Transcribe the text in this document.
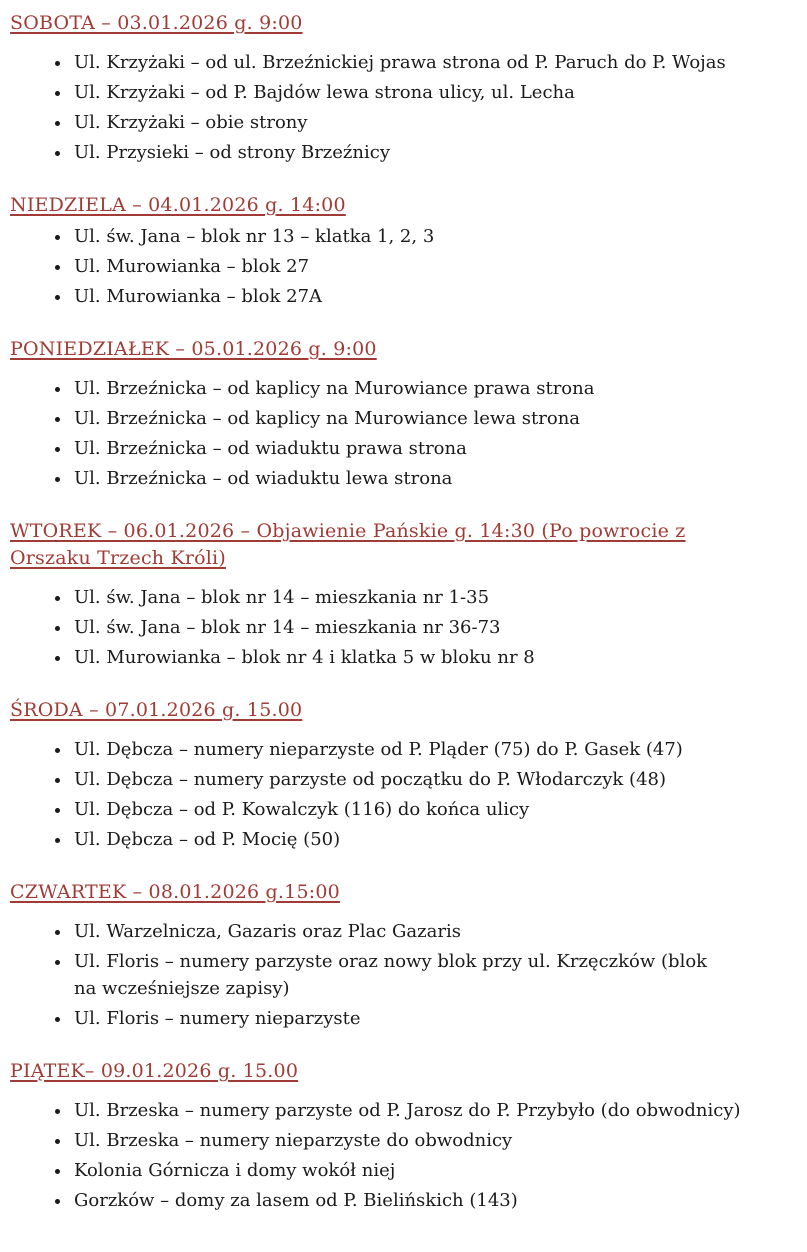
SOBOTA – 03.01.2026 g. 9:00
• Ul. Krzyżaki – od ul. Brzeźnickiej prawa strona od P. Paruch do P. Wojas
• Ul. Krzyżaki – od P. Bajdów lewa strona ulicy, ul. Lecha
• Ul. Krzyżaki – obie strony
• Ul. Przysieki – od strony Brzeźnicy
NIEDZIELA – 04.01.2026 g. 14:00
• Ul. św. Jana – blok nr 13 – klatka 1, 2, 3
• Ul. Murowianka – blok 27
• Ul. Murowianka – blok 27A
PONIEDZIAŁEK – 05.01.2026 g. 9:00
• Ul. Brzeźnicka – od kaplicy na Murowiance prawa strona
• Ul. Brzeźnicka – od kaplicy na Murowiance lewa strona
• Ul. Brzeźnicka – od wiaduktu prawa strona
• Ul. Brzeźnicka – od wiaduktu lewa strona
WTOREK – 06.01.2026 – Objawienie Pańskie g. 14:30 (Po powrocie z Orszaku Trzech Króli)
• Ul. św. Jana – blok nr 14 – mieszkania nr 1-35
• Ul. św. Jana – blok nr 14 – mieszkania nr 36-73
• Ul. Murowianka – blok nr 4 i klatka 5 w bloku nr 8
ŚRODA – 07.01.2026 g. 15.00
• Ul. Dębcza – numery nieparzyste od P. Pląder (75) do P. Gasek (47)
• Ul. Dębcza – numery parzyste od początku do P. Włodarczyk (48)
• Ul. Dębcza – od P. Kowalczyk (116) do końca ulicy
• Ul. Dębcza – od P. Mocię (50)
CZWARTEK – 08.01.2026 g.15:00
• Ul. Warzelnicza, Gazaris oraz Plac Gazaris
• Ul. Floris – numery parzyste oraz nowy blok przy ul. Krzęczków (blok na wcześniejsze zapisy)
• Ul. Floris – numery nieparzyste
PIĄTEK– 09.01.2026 g. 15.00
• Ul. Brzeska – numery parzyste od P. Jarosz do P. Przybyło (do obwodnicy)
• Ul. Brzeska – numery nieparzyste do obwodnicy
• Kolonia Górnicza i domy wokół niej
• Gorzków – domy za lasem od P. Bielińskich (143)
